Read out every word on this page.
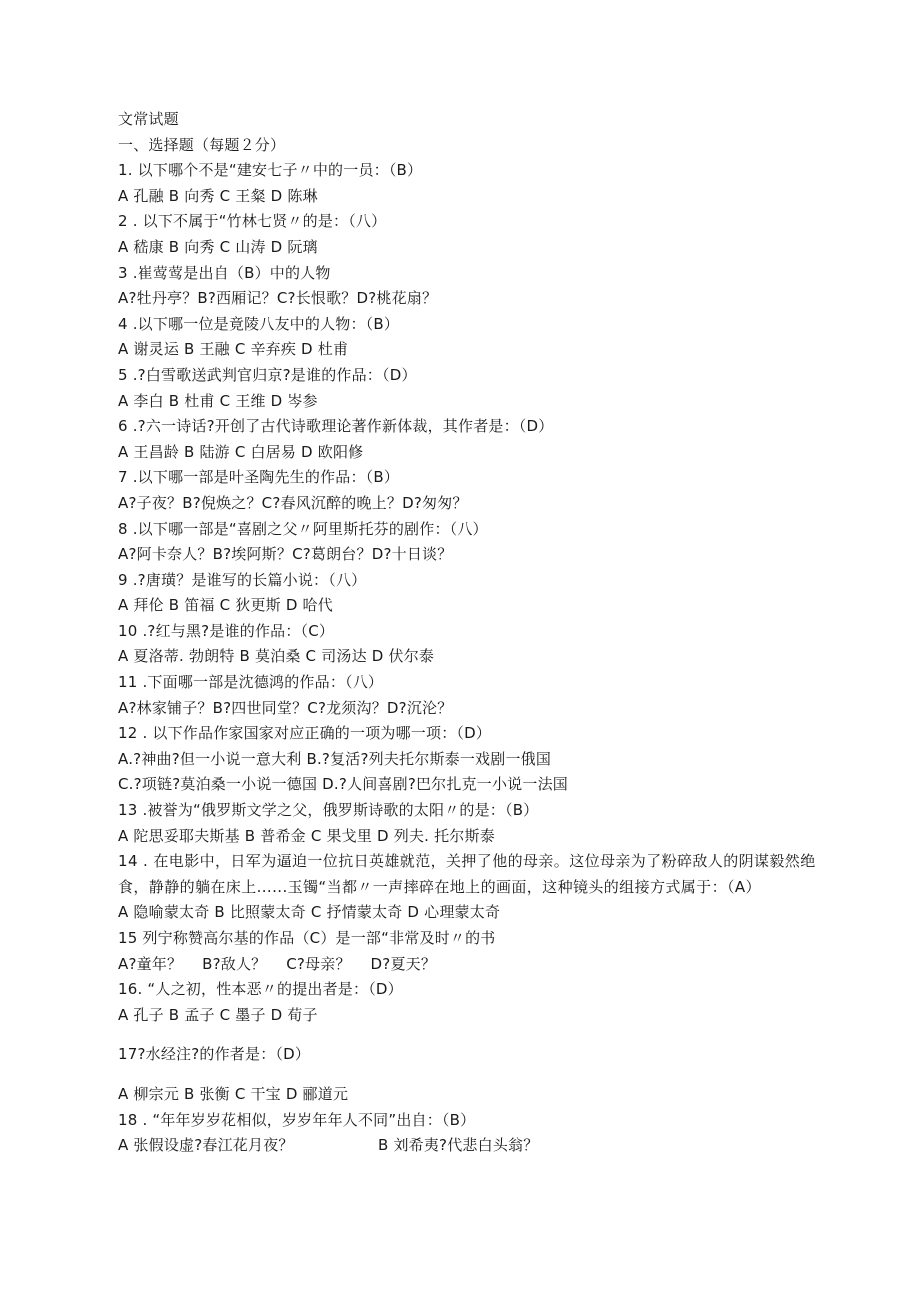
文常试题
一、选择题（每题２分）
1. 以下哪个不是“建安七子〃中的一员：（B）
A 孔融 B 向秀 C 王粲 D 陈琳
2 . 以下不属于“竹林七贤〃的是：（八）
A 嵇康 B 向秀 C 山涛 D 阮璃
3 .崔莺莺是出自（B）中的人物
A?牡丹亭？B?西厢记？C?长恨歌？D?桃花扇？
4 .以下哪一位是竟陵八友中的人物：（B）
A 谢灵运 B 王融 C 辛弃疾 D 杜甫
5 .?白雪歌送武判官归京?是谁的作品：（D）
A 李白 B 杜甫 C 王维 D 岑参
6 .?六一诗话?开创了古代诗歌理论著作新体裁，其作者是：（D）
A 王昌龄 B 陆游 C 白居易 D 欧阳修
7 .以下哪一部是叶圣陶先生的作品：（B）
A?子夜？B?倪焕之？C?春风沉醉的晚上？D?匆匆？
8 .以下哪一部是“喜剧之父〃阿里斯托芬的剧作：（八）
A?阿卡奈人？B?埃阿斯？C?葛朗台？D?十日谈？
9 .?唐璜？是谁写的长篇小说：（八）
A 拜伦 B 笛福 C 狄更斯 D 哈代
10 .?红与黑?是谁的作品：（C）
A 夏洛蒂. 勃朗特 B 莫泊桑 C 司汤达 D 伏尔泰
11 .下面哪一部是沈德鸿的作品：（八）
A?林家铺子？B?四世同堂？C?龙须沟？D?沉沦？
12 . 以下作品作家国家对应正确的一项为哪一项：（D）
A.?神曲?但一小说一意大利 B.?复活?列夫托尔斯泰一戏剧一俄国
C.?项链?莫泊桑一小说一德国 D.?人间喜剧?巴尔扎克一小说一法国
13 .被誉为“俄罗斯文学之父，俄罗斯诗歌的太阳〃的是：（B）
A 陀思妥耶夫斯基 B 普希金 C 果戈里 D 列夫. 托尔斯泰
14 . 在电影中，日军为逼迫一位抗日英雄就范，关押了他的母亲。这位母亲为了粉碎敌人的阴谋毅然绝食，静静的躺在床上......玉镯“当都〃一声摔碎在地上的画面，这种镜头的组接方式属于：（A）
A 隐喻蒙太奇 B 比照蒙太奇 C 抒情蒙太奇 D 心理蒙太奇
15 列宁称赞高尔基的作品（C）是一部“非常及时〃的书
A?童年？    B?敌人？    C?母亲？    D?夏天？
16. “人之初，性本恶〃的提出者是：（D）
A 孔子 B 孟子 C 墨子 D 荀子
17?水经注?的作者是：（D）
A 柳宗元 B 张衡 C 干宝 D 郦道元
18 . “年年岁岁花相似，岁岁年年人不同”出自：（B）
A 张假设虚?春江花月夜？	B 刘希夷?代悲白头翁？
